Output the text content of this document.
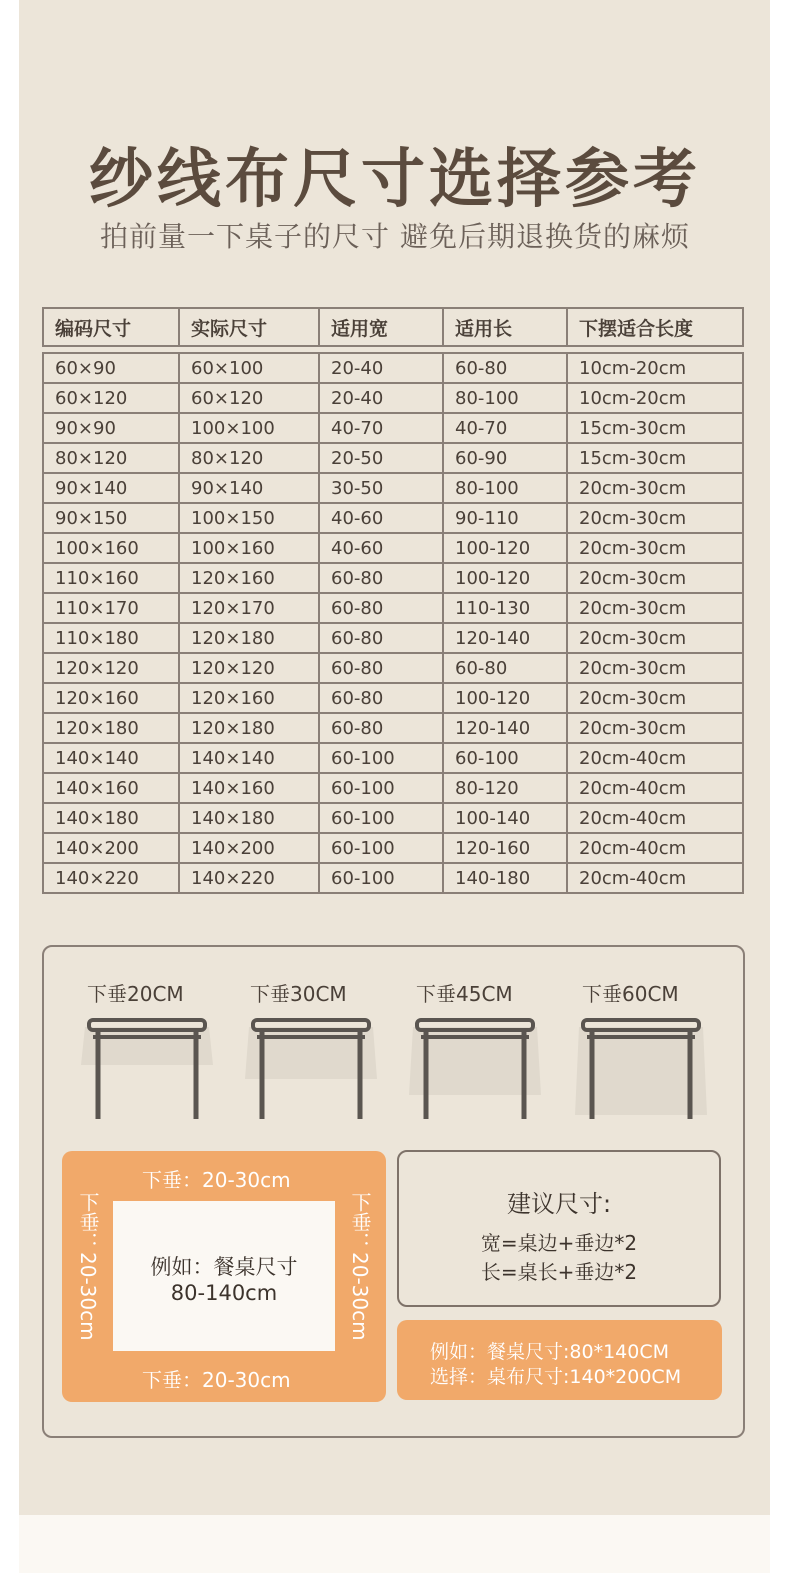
纱线布尺寸选择参考
拍前量一下桌子的尺寸 避免后期退换货的麻烦
编码尺寸	实际尺寸	适用宽	适用长	下摆适合长度
60×90	60×100	20-40	60-80	10cm-20cm
60×120	60×120	20-40	80-100	10cm-20cm
90×90	100×100	40-70	40-70	15cm-30cm
80×120	80×120	20-50	60-90	15cm-30cm
90×140	90×140	30-50	80-100	20cm-30cm
90×150	100×150	40-60	90-110	20cm-30cm
100×160	100×160	40-60	100-120	20cm-30cm
110×160	120×160	60-80	100-120	20cm-30cm
110×170	120×170	60-80	110-130	20cm-30cm
110×180	120×180	60-80	120-140	20cm-30cm
120×120	120×120	60-80	60-80	20cm-30cm
120×160	120×160	60-80	100-120	20cm-30cm
120×180	120×180	60-80	120-140	20cm-30cm
140×140	140×140	60-100	60-100	20cm-40cm
140×160	140×160	60-100	80-120	20cm-40cm
140×180	140×180	60-100	100-140	20cm-40cm
140×200	140×200	60-100	120-160	20cm-40cm
140×220	140×220	60-100	140-180	20cm-40cm
下垂20CM	下垂30CM	下垂45CM	下垂60CM
下垂：20-30cm
下垂：20-30cm
下垂：20-30cm	下垂：20-30cm
例如：餐桌尺寸
80-140cm
建议尺寸:
宽=桌边+垂边*2
长=桌长+垂边*2
例如：餐桌尺寸:80*140CM
选择：桌布尺寸:140*200CM
